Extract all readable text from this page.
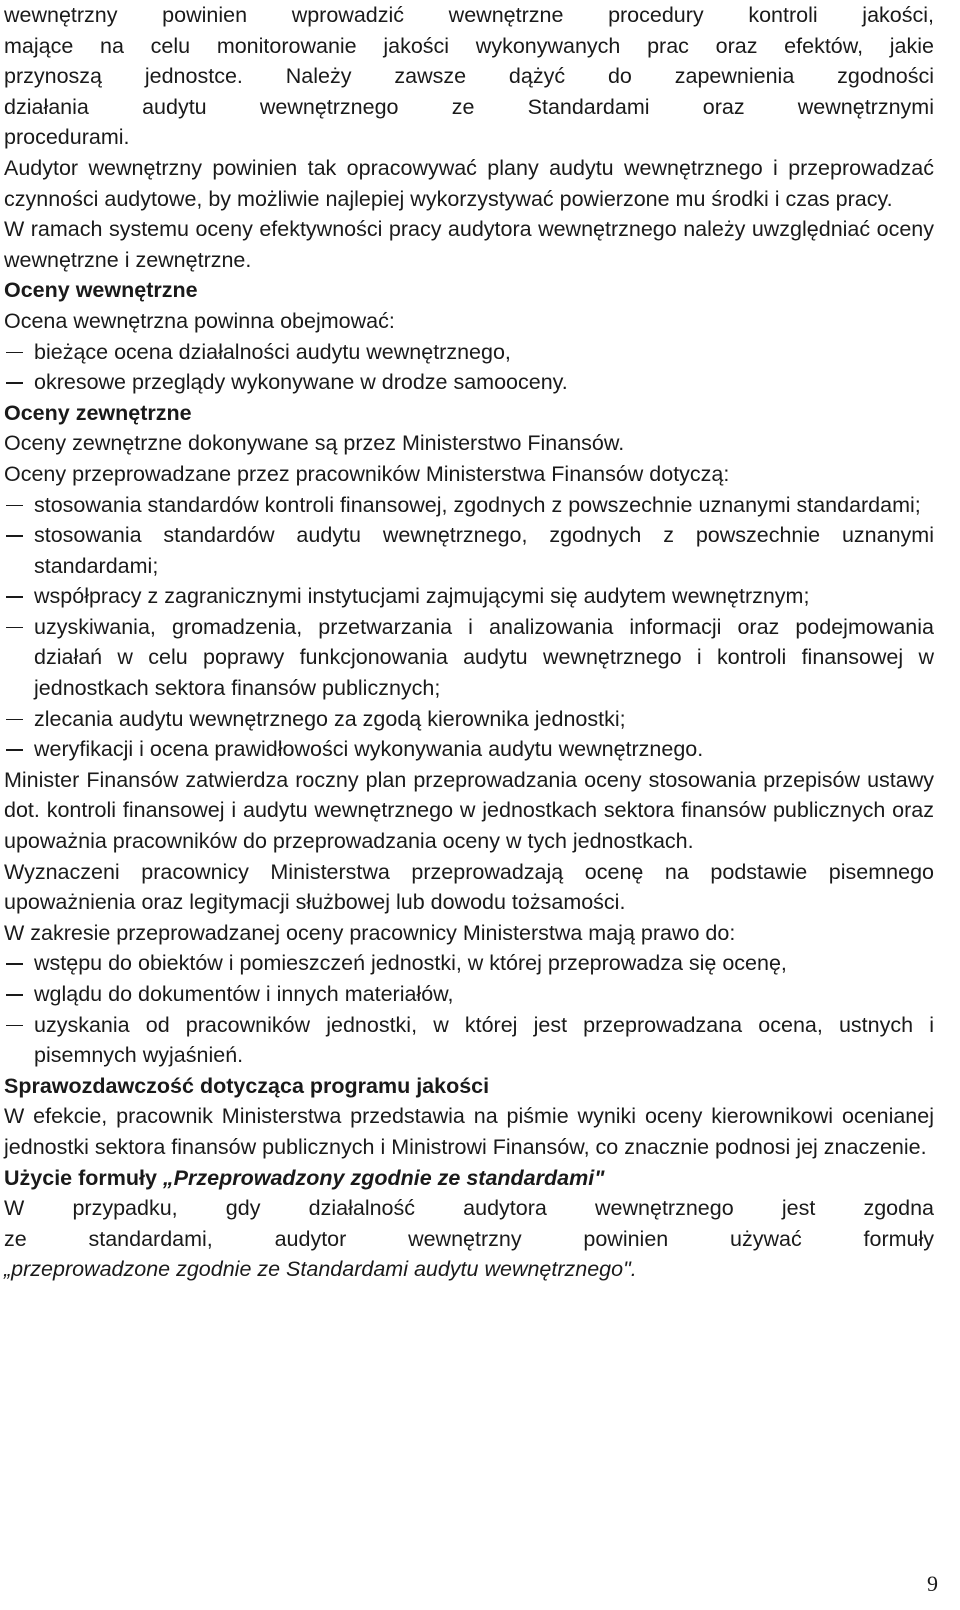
wewnętrzny powinien wprowadzić wewnętrzne procedury kontroli jakości,

mające na celu monitorowanie jakości wykonywanych prac oraz efektów, jakie

przynoszą jednostce. Należy zawsze dążyć do zapewnienia zgodności

działania audytu wewnętrznego ze Standardami oraz wewnętrznymi

procedurami.

Audytor wewnętrzny powinien tak opracowywać plany audytu wewnętrznego i przeprowadzać czynności audytowe, by możliwie najlepiej wykorzystywać powierzone mu środki i czas pracy.

W ramach systemu oceny efektywności pracy audytora wewnętrznego należy uwzględniać oceny wewnętrzne i zewnętrzne.

Oceny wewnętrzne

Ocena wewnętrzna powinna obejmować:

bieżące ocena działalności audytu wewnętrznego,
okresowe przeglądy wykonywane w drodze samooceny.

Oceny zewnętrzne

Oceny zewnętrzne dokonywane są przez Ministerstwo Finansów.

Oceny przeprowadzane przez pracowników Ministerstwa Finansów dotyczą:

stosowania standardów kontroli finansowej, zgodnych z powszechnie uznanymi standardami;
stosowania standardów audytu wewnętrznego, zgodnych z powszechnie uznanymi standardami;
współpracy z zagranicznymi instytucjami zajmującymi się audytem wewnętrznym;
uzyskiwania, gromadzenia, przetwarzania i analizowania informacji oraz podejmowania działań w celu poprawy funkcjonowania audytu wewnętrznego i kontroli finansowej w jednostkach sektora finansów publicznych;
zlecania audytu wewnętrznego za zgodą kierownika jednostki;
weryfikacji i ocena prawidłowości wykonywania audytu wewnętrznego.

Minister Finansów zatwierdza roczny plan przeprowadzania oceny stosowania przepisów ustawy dot. kontroli finansowej i audytu wewnętrznego w jednostkach sektora finansów publicznych oraz upoważnia pracowników do przeprowadzania oceny w tych jednostkach.

Wyznaczeni pracownicy Ministerstwa przeprowadzają ocenę na podstawie pisemnego upoważnienia oraz legitymacji służbowej lub dowodu tożsamości.

W zakresie przeprowadzanej oceny pracownicy Ministerstwa mają prawo do:

wstępu do obiektów i pomieszczeń jednostki, w której przeprowadza się ocenę,
wglądu do dokumentów i innych materiałów,
uzyskania od pracowników jednostki, w której jest przeprowadzana ocena, ustnych i pisemnych wyjaśnień.

Sprawozdawczość dotycząca programu jakości

W efekcie, pracownik Ministerstwa przedstawia na piśmie wyniki oceny kierownikowi ocenianej jednostki sektora finansów publicznych i Ministrowi Finansów, co znacznie podnosi jej znaczenie.

Użycie formuły „Przeprowadzony zgodnie ze standardami"

W przypadku, gdy działalność audytora wewnętrznego jest zgodna

ze standardami, audytor wewnętrzny powinien używać formuły

„przeprowadzone zgodnie ze Standardami audytu wewnętrznego".

9
